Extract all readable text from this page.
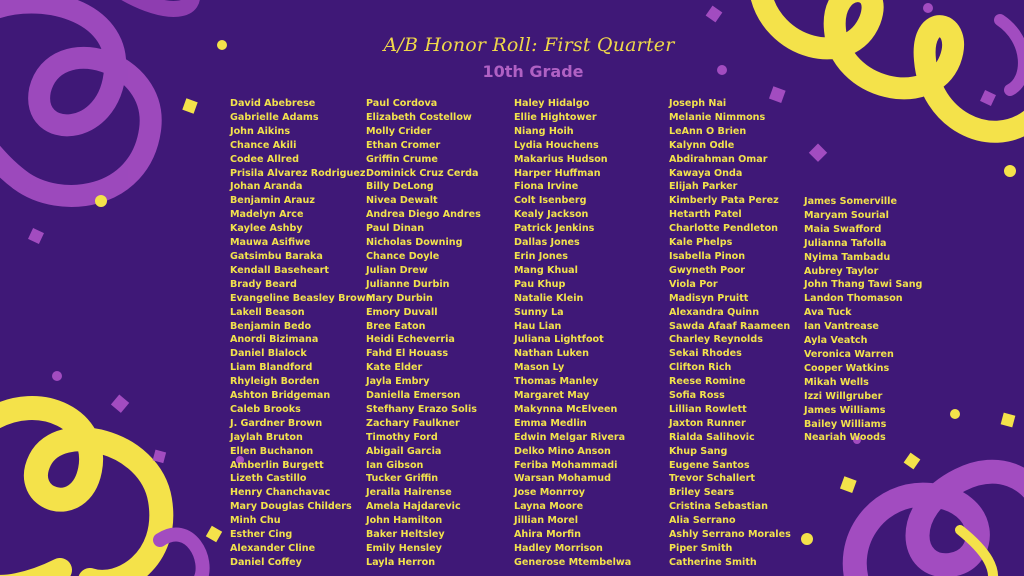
A/B Honor Roll: First Quarter
10th Grade
David Abebrese
Gabrielle Adams
John Aikins
Chance Akili
Codee Allred
Prisila Alvarez Rodriguez
Johan Aranda
Benjamin Arauz
Madelyn Arce
Kaylee Ashby
Mauwa Asifiwe
Gatsimbu Baraka
Kendall Baseheart
Brady Beard
Evangeline Beasley Brown
Lakell Beason
Benjamin Bedo
Anordi Bizimana
Daniel Blalock
Liam Blandford
Rhyleigh Borden
Ashton Bridgeman
Caleb Brooks
J. Gardner Brown
Jaylah Bruton
Ellen Buchanon
Amberlin Burgett
Lizeth Castillo
Henry Chanchavac
Mary Douglas Childers
Minh Chu
Esther Cing
Alexander Cline
Daniel Coffey
Paul Cordova
Elizabeth Costellow
Molly Crider
Ethan Cromer
Griffin Crume
Dominick Cruz Cerda
Billy DeLong
Nivea Dewalt
Andrea Diego Andres
Paul Dinan
Nicholas Downing
Chance Doyle
Julian Drew
Julianne Durbin
Mary Durbin
Emory Duvall
Bree Eaton
Heidi Echeverria
Fahd El Houass
Kate Elder
Jayla Embry
Daniella Emerson
Stefhany Erazo Solis
Zachary Faulkner
Timothy Ford
Abigail Garcia
Ian Gibson
Tucker Griffin
Jeraila Hairense
Amela Hajdarevic
John Hamilton
Baker Heltsley
Emily Hensley
Layla Herron
Haley Hidalgo
Ellie Hightower
Niang Hoih
Lydia Houchens
Makarius Hudson
Harper Huffman
Fiona Irvine
Colt Isenberg
Kealy Jackson
Patrick Jenkins
Dallas Jones
Erin Jones
Mang Khual
Pau Khup
Natalie Klein
Sunny La
Hau Lian
Juliana Lightfoot
Nathan Luken
Mason Ly
Thomas Manley
Margaret May
Makynna McElveen
Emma Medlin
Edwin Melgar Rivera
Delko Mino Anson
Feriba Mohammadi
Warsan Mohamud
Jose Monrroy
Layna Moore
Jillian Morel
Ahira Morfin
Hadley Morrison
Generose Mtembelwa
Joseph Nai
Melanie Nimmons
LeAnn O Brien
Kalynn Odle
Abdirahman Omar
Kawaya Onda
Elijah Parker
Kimberly Pata Perez
Hetarth Patel
Charlotte Pendleton
Kale Phelps
Isabella Pinon
Gwyneth Poor
Viola Por
Madisyn Pruitt
Alexandra Quinn
Sawda Afaaf Raameen
Charley Reynolds
Sekai Rhodes
Clifton Rich
Reese Romine
Sofia Ross
Lillian Rowlett
Jaxton Runner
Rialda Salihovic
Khup Sang
Eugene Santos
Trevor Schallert
Briley Sears
Cristina Sebastian
Alia Serrano
Ashly Serrano Morales
Piper Smith
Catherine Smith
James Somerville
Maryam Sourial
Maia Swafford
Julianna Tafolla
Nyima Tambadu
Aubrey Taylor
John Thang Tawi Sang
Landon Thomason
Ava Tuck
Ian Vantrease
Ayla Veatch
Veronica Warren
Cooper Watkins
Mikah Wells
Izzi Willgruber
James Williams
Bailey Williams
Neariah Woods
